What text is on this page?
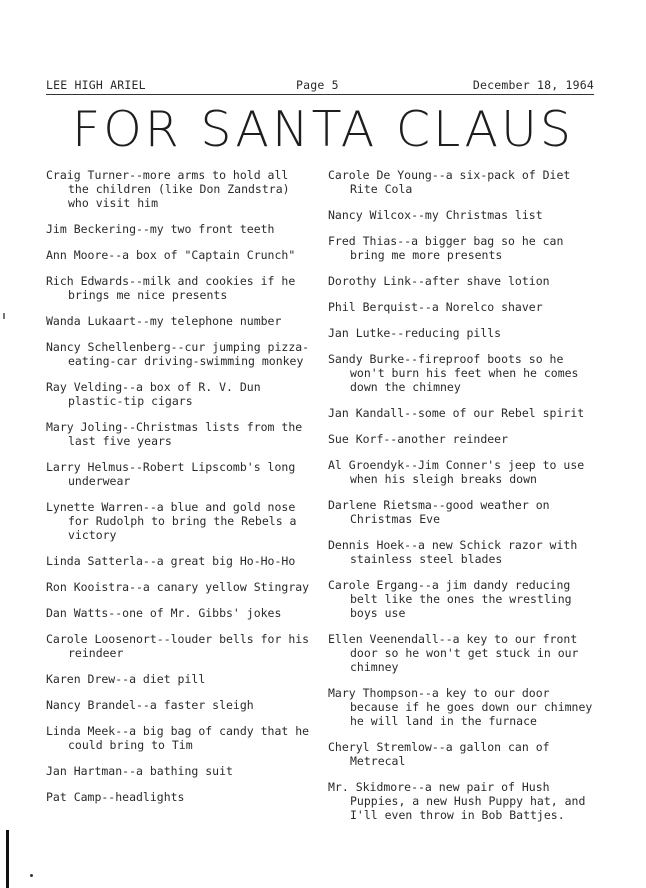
LEE HIGH ARIEL	Page 5	December 18, 1964
FOR SANTA CLAUS

Craig Turner--more arms to hold all the children (like Don Zandstra) who visit him

Jim Beckering--my two front teeth

Ann Moore--a box of "Captain Crunch"

Rich Edwards--milk and cookies if he brings me nice presents

Wanda Lukaart--my telephone number

Nancy Schellenberg--cur jumping pizza-eating-car driving-swimming monkey

Ray Velding--a box of R. V. Dun plastic-tip cigars

Mary Joling--Christmas lists from the last five years

Larry Helmus--Robert Lipscomb's long underwear

Lynette Warren--a blue and gold nose for Rudolph to bring the Rebels a victory

Linda Satterla--a great big Ho-Ho-Ho

Ron Kooistra--a canary yellow Stingray

Dan Watts--one of Mr. Gibbs' jokes

Carole Loosenort--louder bells for his reindeer

Karen Drew--a diet pill

Nancy Brandel--a faster sleigh

Linda Meek--a big bag of candy that he could bring to Tim

Jan Hartman--a bathing suit

Pat Camp--headlights

Carole De Young--a six-pack of Diet Rite Cola

Nancy Wilcox--my Christmas list

Fred Thias--a bigger bag so he can bring me more presents

Dorothy Link--after shave lotion

Phil Berquist--a Norelco shaver

Jan Lutke--reducing pills

Sandy Burke--fireproof boots so he won't burn his feet when he comes down the chimney

Jan Kandall--some of our Rebel spirit

Sue Korf--another reindeer

Al Groendyk--Jim Conner's jeep to use when his sleigh breaks down

Darlene Rietsma--good weather on Christmas Eve

Dennis Hoek--a new Schick razor with stainless steel blades

Carole Ergang--a jim dandy reducing belt like the ones the wrestling boys use

Ellen Veenendall--a key to our front door so he won't get stuck in our chimney

Mary Thompson--a key to our door because if he goes down our chimney he will land in the furnace

Cheryl Stremlow--a gallon can of Metrecal

Mr. Skidmore--a new pair of Hush Puppies, a new Hush Puppy hat, and I'll even throw in Bob Battjes.
